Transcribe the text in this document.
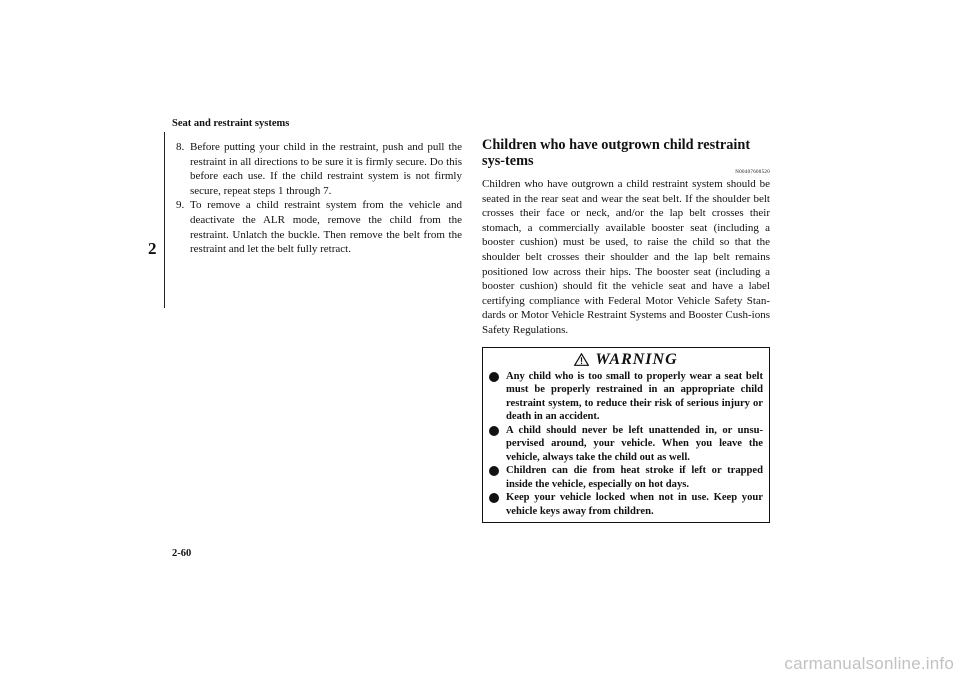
Seat and restraint systems
2

8. Before putting your child in the restraint, push and pull the restraint in all directions to be sure it is firmly secure. Do this before each use. If the child restraint system is not firmly secure, repeat steps 1 through 7.

9. To remove a child restraint system from the vehicle and deactivate the ALR mode, remove the child from the restraint. Unlatch the buckle. Then remove the belt from the restraint and let the belt fully retract.

Children who have outgrown child restraint sys-tems
N00407600520

Children who have outgrown a child restraint system should be seated in the rear seat and wear the seat belt. If the shoulder belt crosses their face or neck, and/or the lap belt crosses their stomach, a commercially available booster seat (including a booster cushion) must be used, to raise the child so that the shoulder belt crosses their shoulder and the lap belt remains positioned low across their hips. The booster seat (including a booster cushion) should fit the vehicle seat and have a label certifying compliance with Federal Motor Vehicle Safety Stan-dards or Motor Vehicle Restraint Systems and Booster Cush-ions Safety Regulations.

WARNING

Any child who is too small to properly wear a seat belt must be properly restrained in an appropriate child restraint system, to reduce their risk of serious injury or death in an accident.

A child should never be left unattended in, or unsu-pervised around, your vehicle. When you leave the vehicle, always take the child out as well.

Children can die from heat stroke if left or trapped inside the vehicle, especially on hot days.

Keep your vehicle locked when not in use. Keep your vehicle keys away from children.

2-60
carmanualsonline.info
